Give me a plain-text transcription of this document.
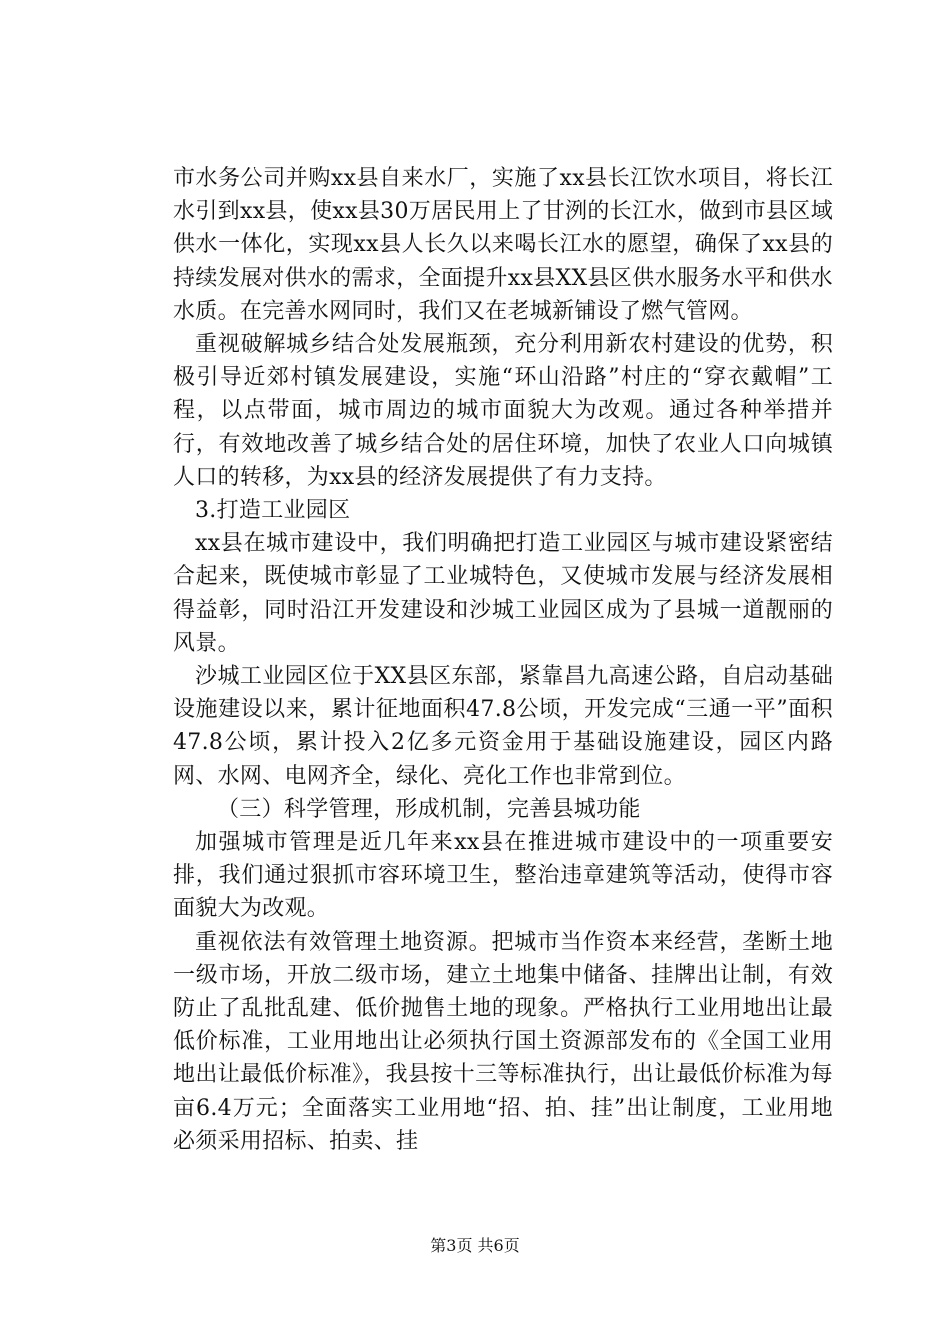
市水务公司并购xx县自来水厂，实施了xx县长江饮水项目，将长江水引到xx县，使xx县30万居民用上了甘洌的长江水，做到市县区域供水一体化，实现xx县人长久以来喝长江水的愿望，确保了xx县的持续发展对供水的需求，全面提升xx县XX县区供水服务水平和供水水质。在完善水网同时，我们又在老城新铺设了燃气管网。

重视破解城乡结合处发展瓶颈，充分利用新农村建设的优势，积极引导近郊村镇发展建设，实施“环山沿路”村庄的“穿衣戴帽”工程，以点带面，城市周边的城市面貌大为改观。通过各种举措并行，有效地改善了城乡结合处的居住环境，加快了农业人口向城镇人口的转移，为xx县的经济发展提供了有力支持。

3.打造工业园区

xx县在城市建设中，我们明确把打造工业园区与城市建设紧密结合起来，既使城市彰显了工业城特色，又使城市发展与经济发展相得益彰，同时沿江开发建设和沙城工业园区成为了县城一道靓丽的风景。

沙城工业园区位于XX县区东部，紧靠昌九高速公路，自启动基础设施建设以来，累计征地面积47.8公顷，开发完成“三通一平”面积47.8公顷，累计投入2亿多元资金用于基础设施建设，园区内路网、水网、电网齐全，绿化、亮化工作也非常到位。

（三）科学管理，形成机制，完善县城功能

加强城市管理是近几年来xx县在推进城市建设中的一项重要安排，我们通过狠抓市容环境卫生，整治违章建筑等活动，使得市容面貌大为改观。

重视依法有效管理土地资源。把城市当作资本来经营，垄断土地一级市场，开放二级市场，建立土地集中储备、挂牌出让制，有效防止了乱批乱建、低价抛售土地的现象。严格执行工业用地出让最低价标准，工业用地出让必须执行国土资源部发布的《全国工业用地出让最低价标准》，我县按十三等标准执行，出让最低价标准为每亩6.4万元；全面落实工业用地“招、拍、挂”出让制度，工业用地必须采用招标、拍卖、挂

第3页 共6页
